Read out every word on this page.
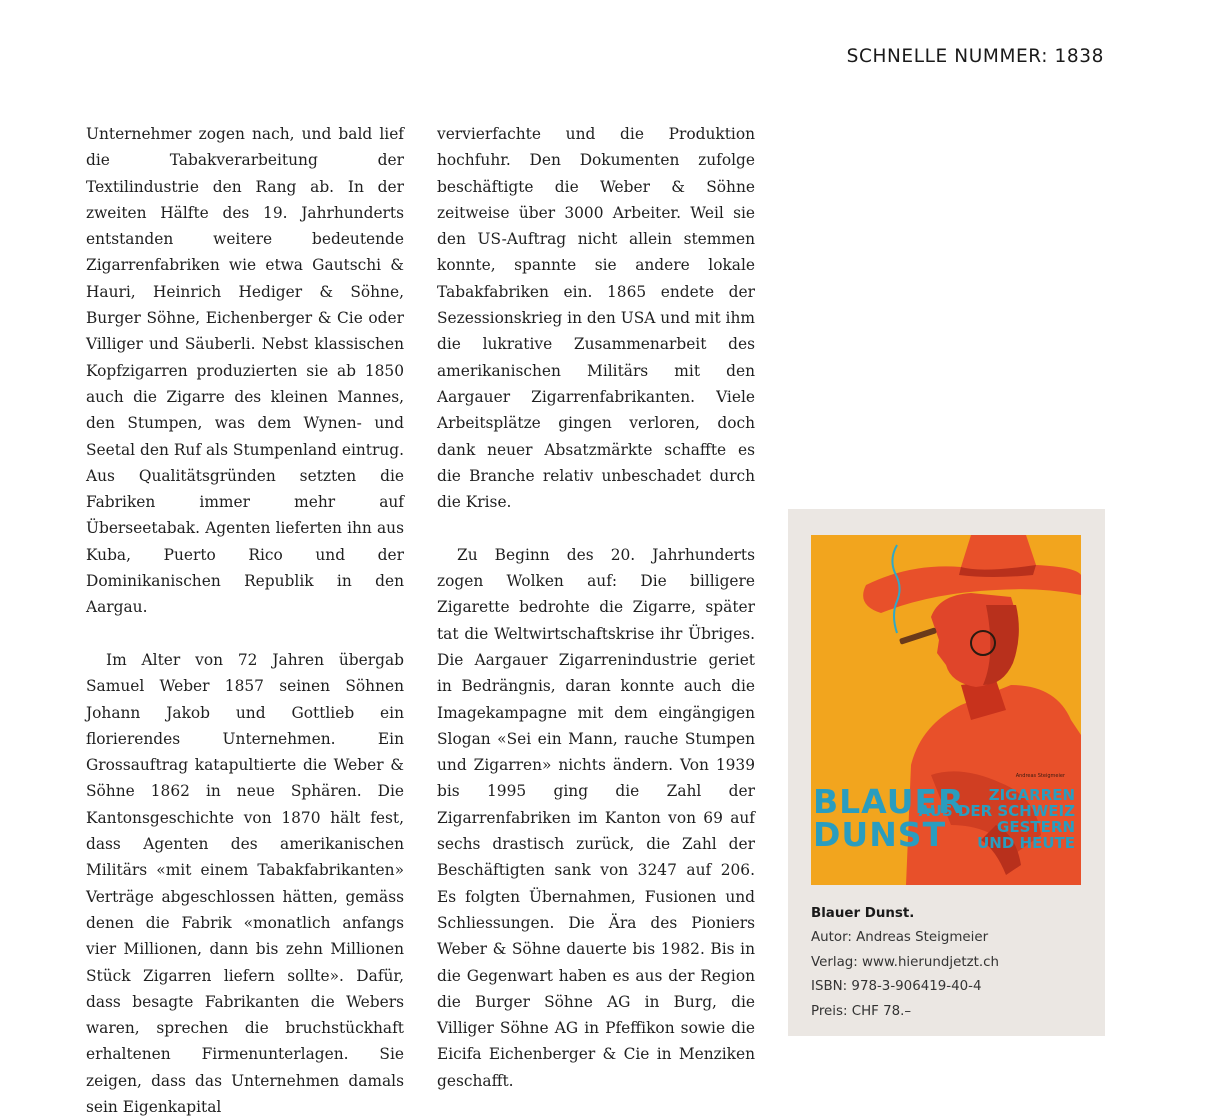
SCHNELLE NUMMER: 1838

Unternehmer zogen nach, und bald lief die Tabakverarbeitung der Textilindustrie den Rang ab. In der zweiten Hälfte des 19. Jahrhunderts entstanden weitere bedeutende Zigarrenfabriken wie etwa Gautschi & Hauri, Heinrich Hediger & Söhne, Burger Söhne, Eichenberger & Cie oder Villiger und Säuberli. Nebst klassischen Kopfzigarren produzierten sie ab 1850 auch die Zigarre des kleinen Mannes, den Stumpen, was dem Wynen- und Seetal den Ruf als Stumpenland eintrug. Aus Qualitätsgründen setzten die Fabriken immer mehr auf Überseetabak. Agenten lieferten ihn aus Kuba, Puerto Rico und der Dominikanischen Republik in den Aargau.

Im Alter von 72 Jahren übergab Samuel Weber 1857 seinen Söhnen Johann Jakob und Gottlieb ein florierendes Unternehmen. Ein Grossauftrag katapultierte die Weber & Söhne 1862 in neue Sphären. Die Kantonsgeschichte von 1870 hält fest, dass Agenten des amerikanischen Militärs «mit einem Tabakfabrikanten» Verträge abgeschlossen hätten, gemäss denen die Fabrik «monatlich anfangs vier Millionen, dann bis zehn Millionen Stück Zigarren liefern sollte». Dafür, dass besagte Fabrikanten die Webers waren, sprechen die bruchstückhaft erhaltenen Firmenunterlagen. Sie zeigen, dass das Unternehmen damals sein Eigenkapital

vervierfachte und die Produktion hochfuhr. Den Dokumenten zufolge beschäftigte die Weber & Söhne zeitweise über 3000 Arbeiter. Weil sie den US-Auftrag nicht allein stemmen konnte, spannte sie andere lokale Tabakfabriken ein. 1865 endete der Sezessionskrieg in den USA und mit ihm die lukrative Zusammenarbeit des amerikanischen Militärs mit den Aargauer Zigarrenfabrikanten. Viele Arbeitsplätze gingen verloren, doch dank neuer Absatzmärkte schaffte es die Branche relativ unbeschadet durch die Krise.

Zu Beginn des 20. Jahrhunderts zogen Wolken auf: Die billigere Zigarette bedrohte die Zigarre, später tat die Weltwirtschaftskrise ihr Übriges. Die Aargauer Zigarrenindustrie geriet in Bedrängnis, daran konnte auch die Imagekampagne mit dem eingängigen Slogan «Sei ein Mann, rauche Stumpen und Zigarren» nichts ändern. Von 1939 bis 1995 ging die Zahl der Zigarrenfabriken im Kanton von 69 auf sechs drastisch zurück, die Zahl der Beschäftigten sank von 3247 auf 206. Es folgten Übernahmen, Fusionen und Schliessungen. Die Ära des Pioniers Weber & Söhne dauerte bis 1982. Bis in die Gegenwart haben es aus der Region die Burger Söhne AG in Burg, die Villiger Söhne AG in Pfeffikon sowie die Eicifa Eichenberger & Cie in Menziken geschafft.

Andreas Steigmeier
BLAUER
DUNST
ZIGARREN
AUS DER SCHWEIZ
GESTERN
UND HEUTE
Blauer Dunst.
Autor: Andreas Steigmeier
Verlag: www.hierundjetzt.ch
ISBN: 978-3-906419-40-4
Preis: CHF 78.–
